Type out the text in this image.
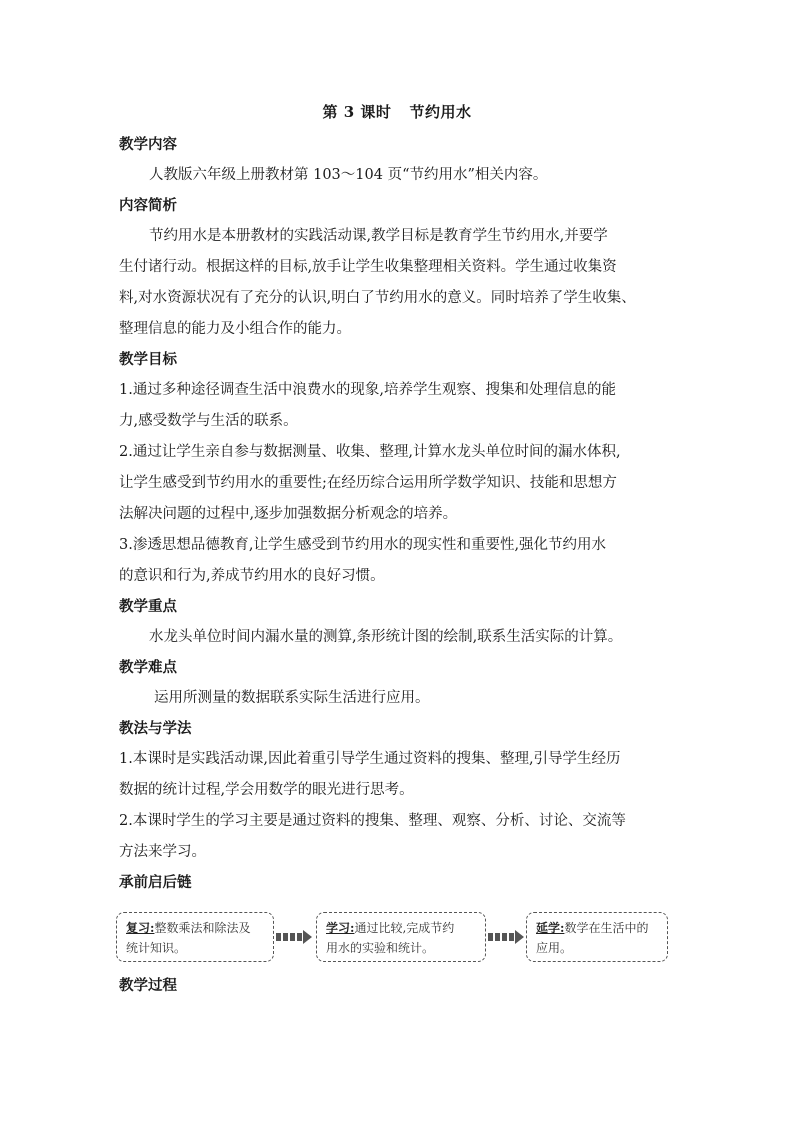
第 3 课时 节约用水
教学内容

人教版六年级上册教材第 103～104 页“节约用水”相关内容。

内容简析

节约用水是本册教材的实践活动课,教学目标是教育学生节约用水,并要学
生付诸行动。根据这样的目标,放手让学生收集整理相关资料。学生通过收集资
料,对水资源状况有了充分的认识,明白了节约用水的意义。同时培养了学生收集、
整理信息的能力及小组合作的能力。

教学目标

1.通过多种途径调查生活中浪费水的现象,培养学生观察、搜集和处理信息的能
力,感受数学与生活的联系。

2.通过让学生亲自参与数据测量、收集、整理,计算水龙头单位时间的漏水体积,
让学生感受到节约用水的重要性;在经历综合运用所学数学知识、技能和思想方
法解决问题的过程中,逐步加强数据分析观念的培养。

3.渗透思想品德教育,让学生感受到节约用水的现实性和重要性,强化节约用水
的意识和行为,养成节约用水的良好习惯。

教学重点

水龙头单位时间内漏水量的测算,条形统计图的绘制,联系生活实际的计算。

教学难点

运用所测量的数据联系实际生活进行应用。

教法与学法

1.本课时是实践活动课,因此着重引导学生通过资料的搜集、整理,引导学生经历
数据的统计过程,学会用数学的眼光进行思考。

2.本课时学生的学习主要是通过资料的搜集、整理、观察、分析、讨论、交流等
方法来学习。

承前启后链
复习:整数乘法和除法及
统计知识。
学习:通过比较,完成节约
用水的实验和统计。
延学:数学在生活中的
应用。
教学过程
